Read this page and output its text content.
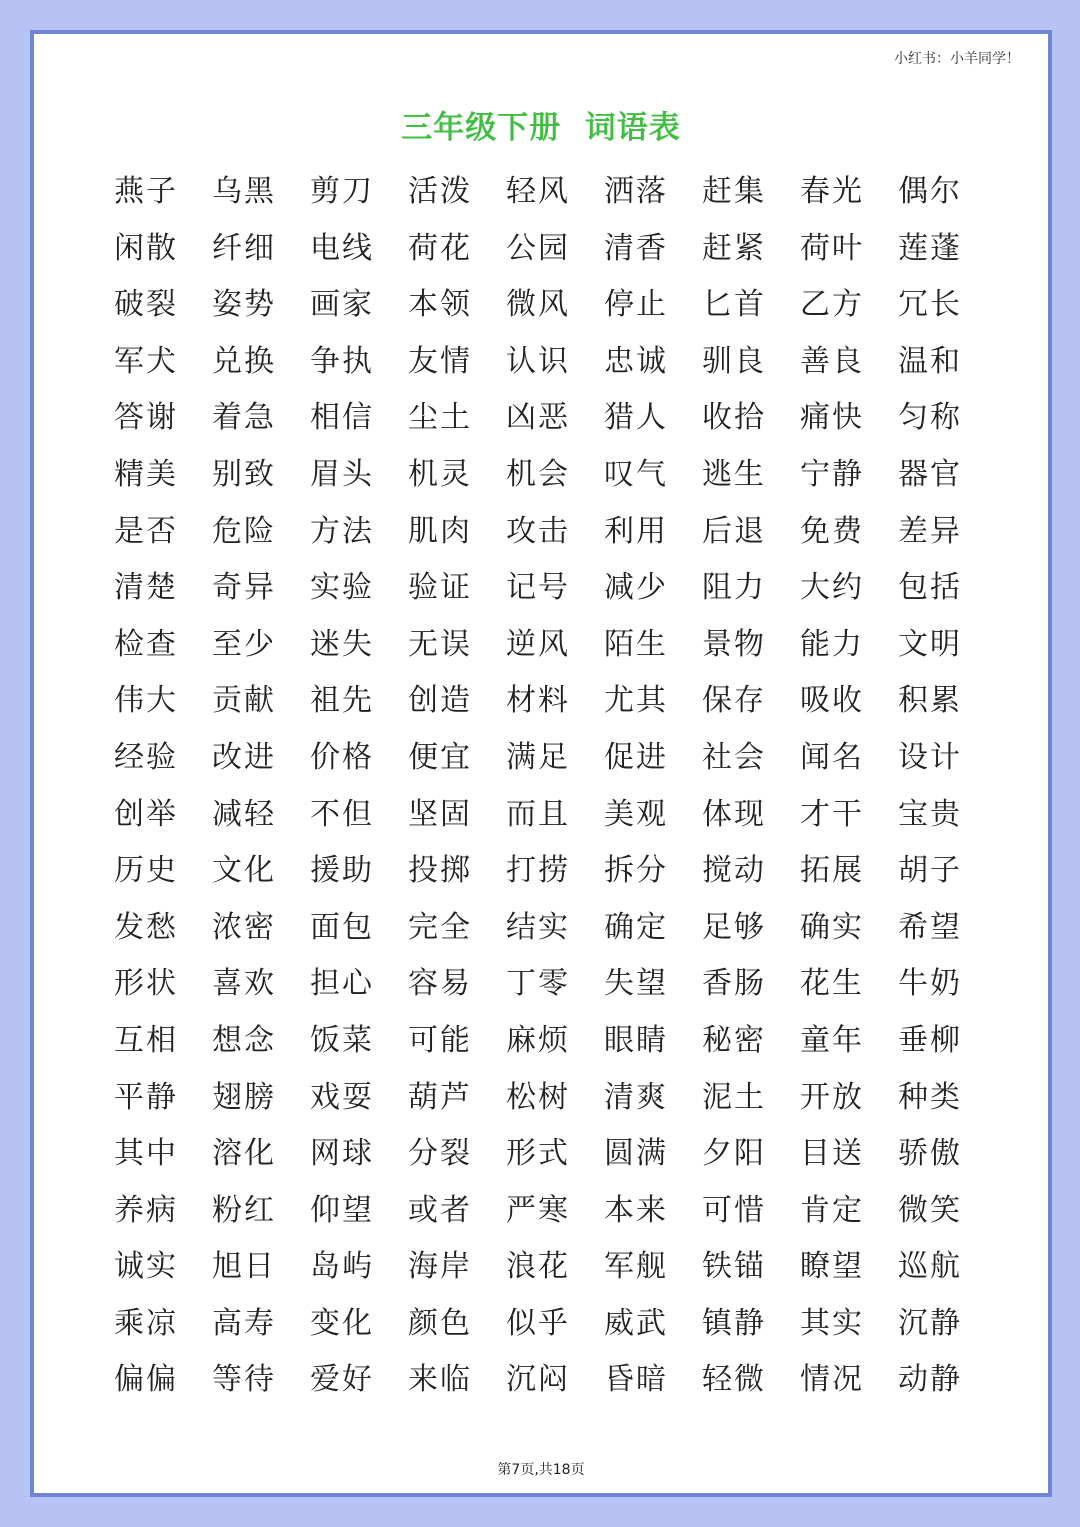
小红书：小羊同学！
三年级下册  词语表
燕子	乌黑	剪刀	活泼	轻风	洒落	赶集	春光	偶尔
闲散	纤细	电线	荷花	公园	清香	赶紧	荷叶	莲蓬
破裂	姿势	画家	本领	微风	停止	匕首	乙方	冗长
军犬	兑换	争执	友情	认识	忠诚	驯良	善良	温和
答谢	着急	相信	尘土	凶恶	猎人	收拾	痛快	匀称
精美	别致	眉头	机灵	机会	叹气	逃生	宁静	器官
是否	危险	方法	肌肉	攻击	利用	后退	免费	差异
清楚	奇异	实验	验证	记号	减少	阻力	大约	包括
检查	至少	迷失	无误	逆风	陌生	景物	能力	文明
伟大	贡献	祖先	创造	材料	尤其	保存	吸收	积累
经验	改进	价格	便宜	满足	促进	社会	闻名	设计
创举	减轻	不但	坚固	而且	美观	体现	才干	宝贵
历史	文化	援助	投掷	打捞	拆分	搅动	拓展	胡子
发愁	浓密	面包	完全	结实	确定	足够	确实	希望
形状	喜欢	担心	容易	丁零	失望	香肠	花生	牛奶
互相	想念	饭菜	可能	麻烦	眼睛	秘密	童年	垂柳
平静	翅膀	戏耍	葫芦	松树	清爽	泥土	开放	种类
其中	溶化	网球	分裂	形式	圆满	夕阳	目送	骄傲
养病	粉红	仰望	或者	严寒	本来	可惜	肯定	微笑
诚实	旭日	岛屿	海岸	浪花	军舰	铁锚	瞭望	巡航
乘凉	高寿	变化	颜色	似乎	威武	镇静	其实	沉静
偏偏	等待	爱好	来临	沉闷	昏暗	轻微	情况	动静
第7页,共18页
